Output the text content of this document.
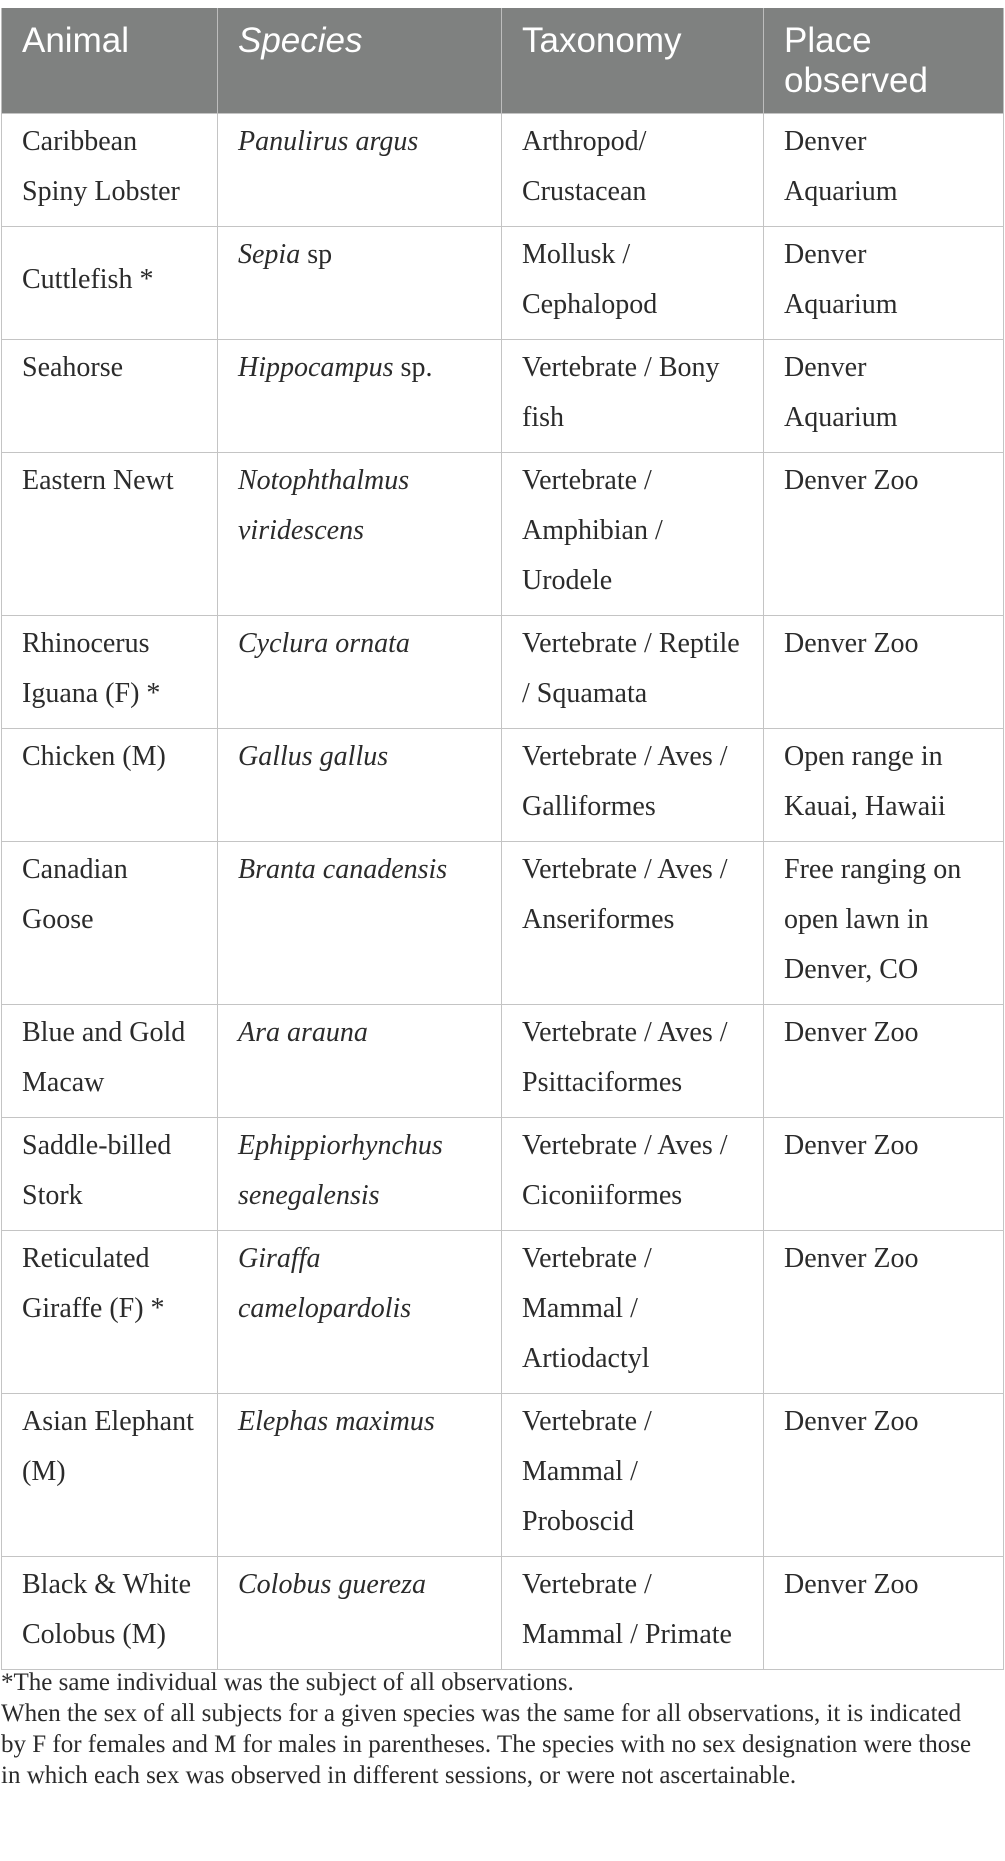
Animal	Species	Taxonomy	Place observed
Caribbean Spiny Lobster	Panulirus argus	Arthropod/ Crustacean	Denver Aquarium
Cuttlefish *	Sepia sp	Mollusk / Cephalopod	Denver Aquarium
Seahorse	Hippocampus sp.	Vertebrate / Bony fish	Denver Aquarium
Eastern Newt	Notophthalmus viridescens	Vertebrate / Amphibian / Urodele	Denver Zoo
Rhinocerus Iguana (F) *	Cyclura ornata	Vertebrate / Reptile / Squamata	Denver Zoo
Chicken (M)	Gallus gallus	Vertebrate / Aves / Galliformes	Open range in Kauai, Hawaii
Canadian Goose	Branta canadensis	Vertebrate / Aves / Anseriformes	Free ranging on open lawn in Denver, CO
Blue and Gold Macaw	Ara arauna	Vertebrate / Aves / Psittaciformes	Denver Zoo
Saddle-billed Stork	Ephippiorhynchus senegalensis	Vertebrate / Aves / Ciconiiformes	Denver Zoo
Reticulated Giraffe (F) *	Giraffa camelopardolis	Vertebrate / Mammal / Artiodactyl	Denver Zoo
Asian Elephant (M)	Elephas maximus	Vertebrate / Mammal / Proboscid	Denver Zoo
Black & White Colobus (M)	Colobus guereza	Vertebrate / Mammal / Primate	Denver Zoo

*The same individual was the subject of all observations.

When the sex of all subjects for a given species was the same for all observations, it is indicated by F for females and M for males in parentheses. The species with no sex designation were those in which each sex was observed in different sessions, or were not ascertainable.
